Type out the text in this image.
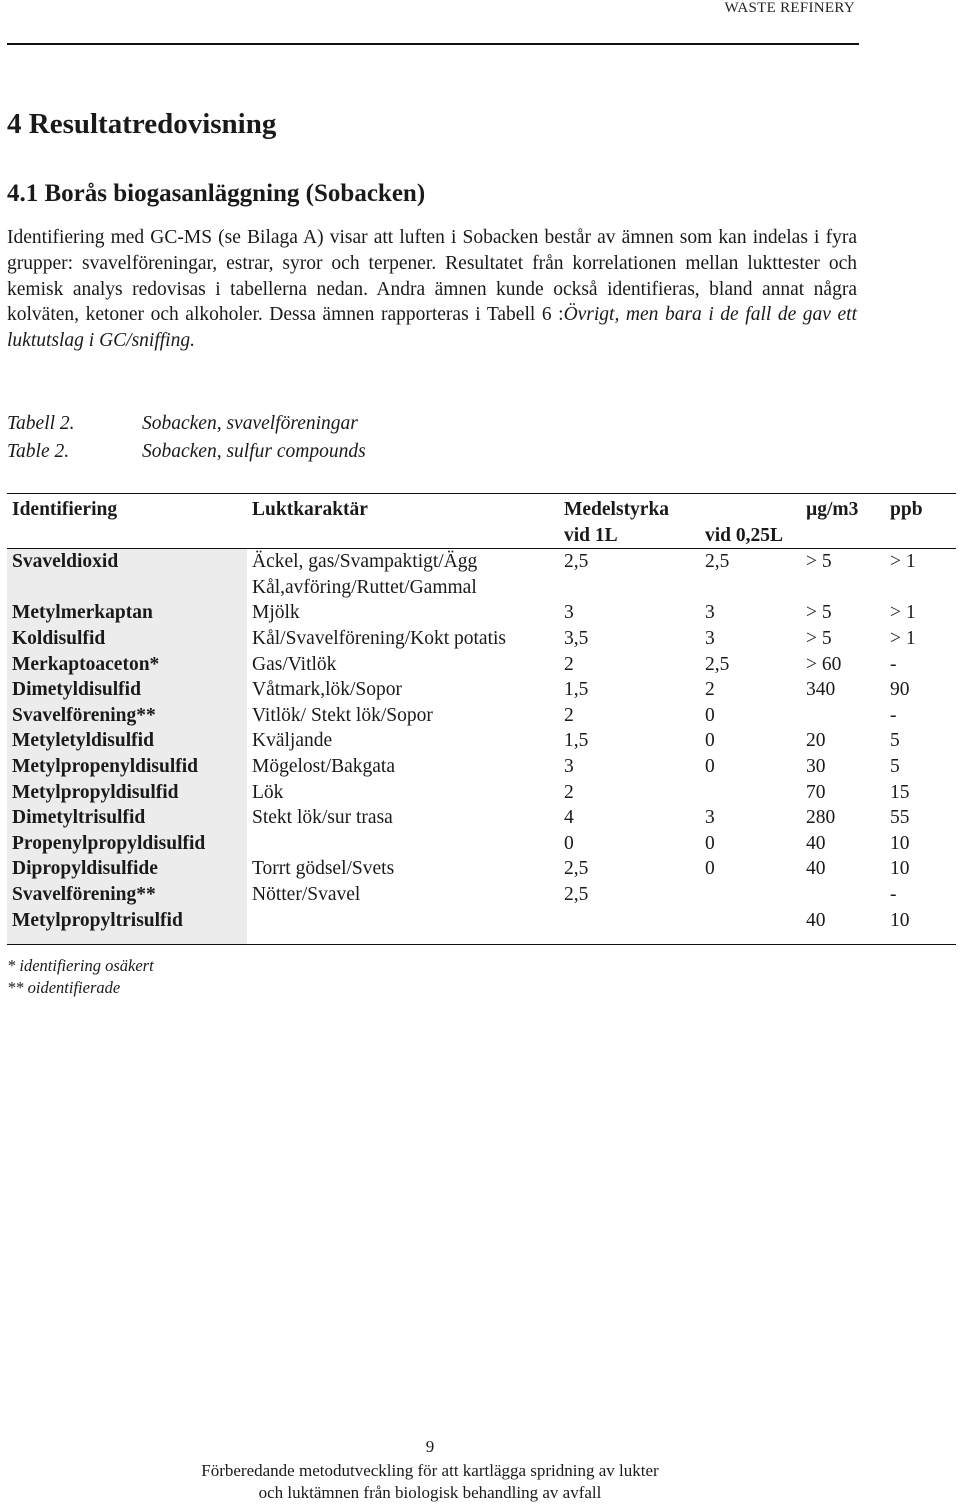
WASTE REFINERY
4 Resultatredovisning
4.1 Borås biogasanläggning (Sobacken)

Identifiering med GC-MS (se Bilaga A) visar att luften i Sobacken består av ämnen som kan indelas i fyra grupper: svavelföreningar, estrar, syror och terpener. Resultatet från korrelationen mellan lukttester och kemisk analys redovisas i tabellerna nedan. Andra ämnen kunde också identifieras, bland annat några kolväten, ketoner och alkoholer. Dessa ämnen rapporteras i Tabell 6 :Övrigt, men bara i de fall de gav ett luktutslag i GC/sniffing.

Tabell 2.	Sobacken, svavelföreningar
Table 2.	Sobacken, sulfur compounds
Identifiering	Luktkaraktär	Medelstyrka		µg/m3	ppb
		vid 1L	vid 0,25L		
Svaveldioxid	Äckel, gas/Svampaktigt/Ägg	2,5	2,5	> 5	> 1
	Kål,avföring/Ruttet/Gammal				
Metylmerkaptan	Mjölk	3	3	> 5	> 1
Koldisulfid	Kål/Svavelförening/Kokt potatis	3,5	3	> 5	> 1
Merkaptoaceton*	Gas/Vitlök	2	2,5	> 60	-
Dimetyldisulfid	Våtmark,lök/Sopor	1,5	2	340	90
Svavelförening**	Vitlök/ Stekt lök/Sopor	2	0		-
Metyletyldisulfid	Kväljande	1,5	0	20	5
Metylpropenyldisulfid	Mögelost/Bakgata	3	0	30	5
Metylpropyldisulfid	Lök	2		70	15
Dimetyltrisulfid	Stekt lök/sur trasa	4	3	280	55
Propenylpropyldisulfid		0	0	40	10
Dipropyldisulfide	Torrt gödsel/Svets	2,5	0	40	10
Svavelförening**	Nötter/Svavel	2,5			-
Metylpropyltrisulfid				40	10
* identifiering osäkert
** oidentifierade
9
Förberedande metodutveckling för att kartlägga spridning av lukter
och luktämnen från biologisk behandling av avfall
